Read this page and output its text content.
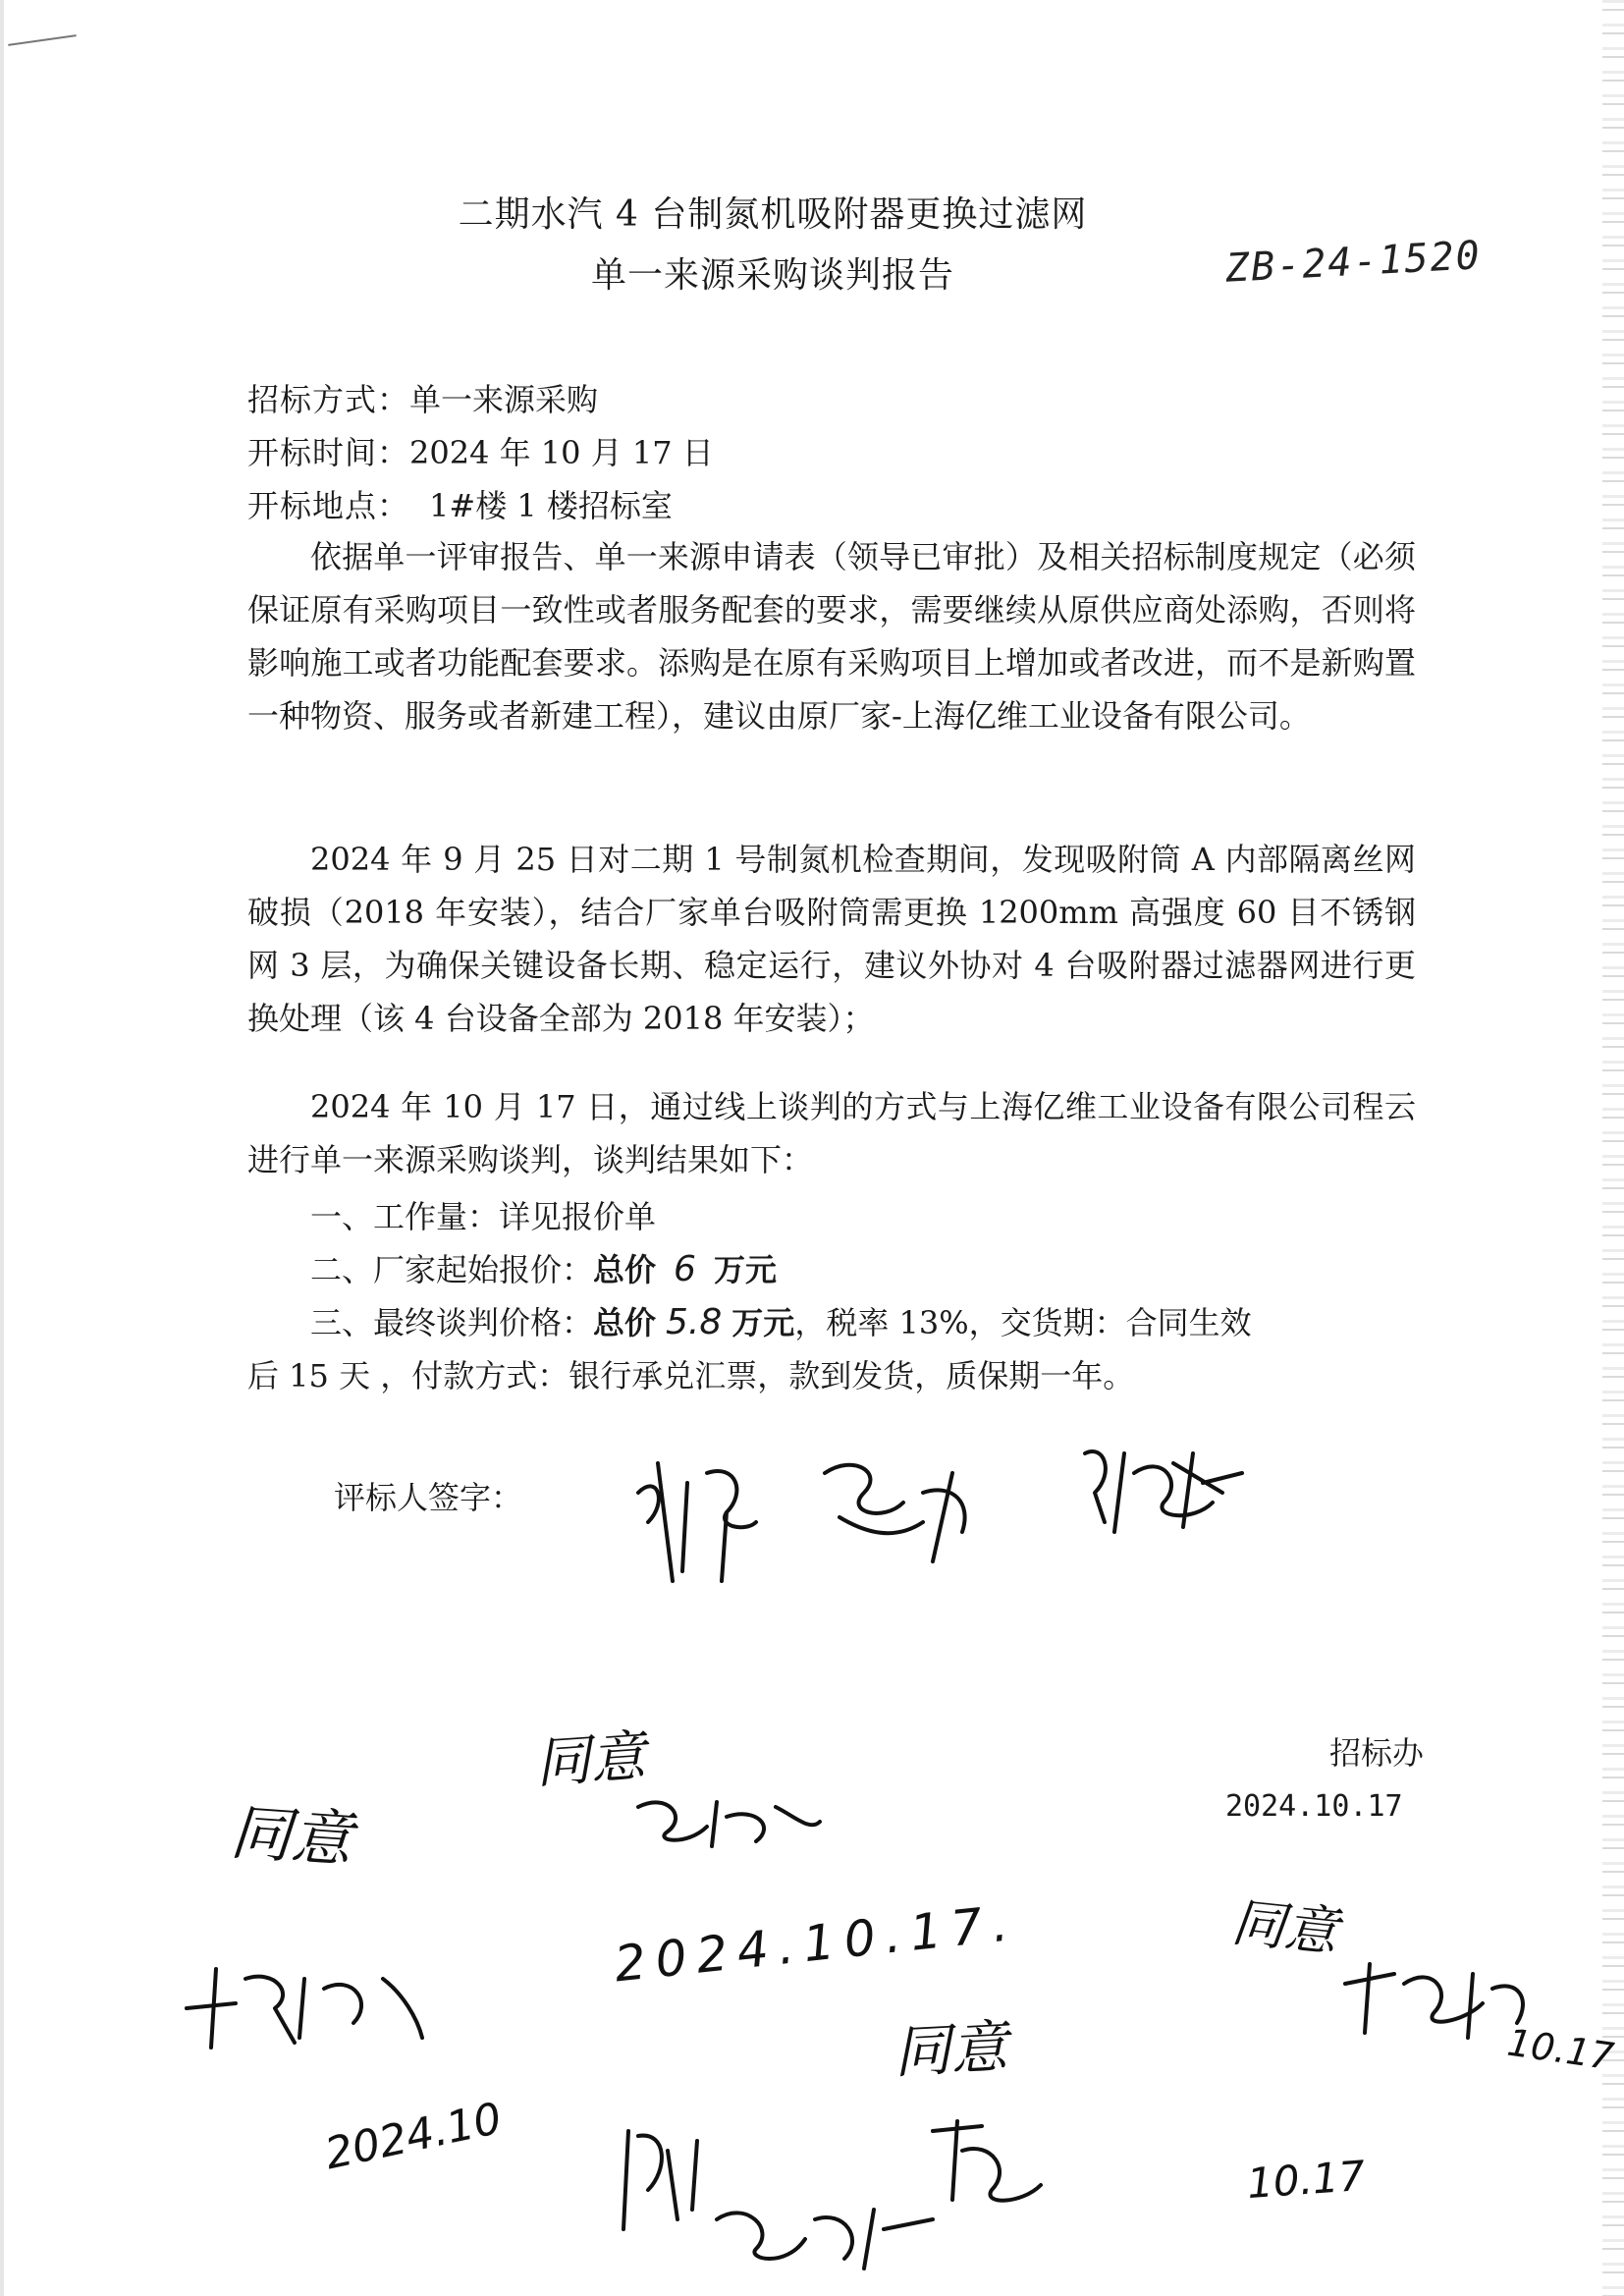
二期水汽 4 台制氮机吸附器更换过滤网
单一来源采购谈判报告	ZB-24-1520
招标方式：单一来源采购
开标时间：2024 年 10 月 17 日
开标地点： 1#楼 1 楼招标室
依据单一评审报告、单一来源申请表（领导已审批）及相关招标制度规定（必须保证原有采购项目一致性或者服务配套的要求，需要继续从原供应商处添购，否则将影响施工或者功能配套要求。添购是在原有采购项目上增加或者改进，而不是新购置一种物资、服务或者新建工程），建议由原厂家-上海亿维工业设备有限公司。
2024 年 9 月 25 日对二期 1 号制氮机检查期间，发现吸附筒 A 内部隔离丝网破损（2018 年安装），结合厂家单台吸附筒需更换 1200mm 高强度 60 目不锈钢网 3 层，为确保关键设备长期、稳定运行，建议外协对 4 台吸附器过滤器网进行更换处理（该 4 台设备全部为 2018 年安装）；
2024 年 10 月 17 日，通过线上谈判的方式与上海亿维工业设备有限公司程云进行单一来源采购谈判，谈判结果如下：
一、工作量：详见报价单
二、厂家起始报价：总价 6 万元
三、最终谈判价格：总价 5.8 万元，税率 13%，交货期：合同生效
后 15 天 ，付款方式：银行承兑汇票，款到发货，质保期一年。
评标人签字：
招标办
2024.10.17
同意
同意
2024.10.17.	同意
10.17
同意
2024.10
10.17
